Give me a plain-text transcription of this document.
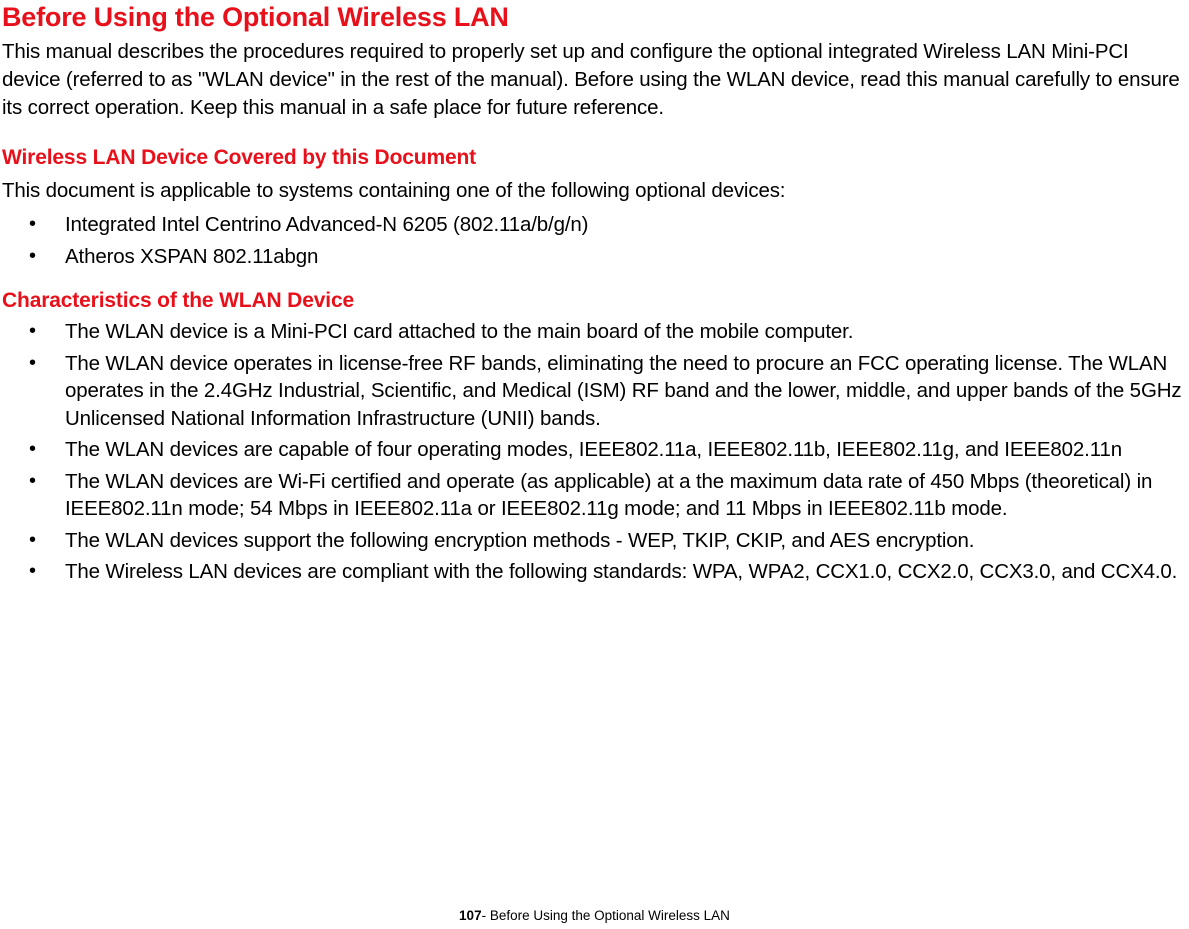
Before Using the Optional Wireless LAN

This manual describes the procedures required to properly set up and configure the optional integrated Wireless LAN Mini-PCI device (referred to as "WLAN device" in the rest of the manual). Before using the WLAN device, read this manual carefully to ensure its correct operation. Keep this manual in a safe place for future reference.

Wireless LAN Device Covered by this Document

This document is applicable to systems containing one of the following optional devices:

• Integrated Intel Centrino Advanced-N 6205 (802.11a/b/g/n)
• Atheros XSPAN 802.11abgn
Characteristics of the WLAN Device
• The WLAN device is a Mini-PCI card attached to the main board of the mobile computer.
• The WLAN device operates in license-free RF bands, eliminating the need to procure an FCC operating license. The WLAN operates in the 2.4GHz Industrial, Scientific, and Medical (ISM) RF band and the lower, middle, and upper bands of the 5GHz Unlicensed National Information Infrastructure (UNII) bands.
• The WLAN devices are capable of four operating modes, IEEE802.11a, IEEE802.11b, IEEE802.11g, and IEEE802.11n
• The WLAN devices are Wi-Fi certified and operate (as applicable) at a the maximum data rate of 450 Mbps (theoretical) in IEEE802.11n mode; 54 Mbps in IEEE802.11a or IEEE802.11g mode; and 11 Mbps in IEEE802.11b mode.
• The WLAN devices support the following encryption methods - WEP, TKIP, CKIP, and AES encryption.
• The Wireless LAN devices are compliant with the following standards: WPA, WPA2, CCX1.0, CCX2.0, CCX3.0, and CCX4.0.
107- Before Using the Optional Wireless LAN
